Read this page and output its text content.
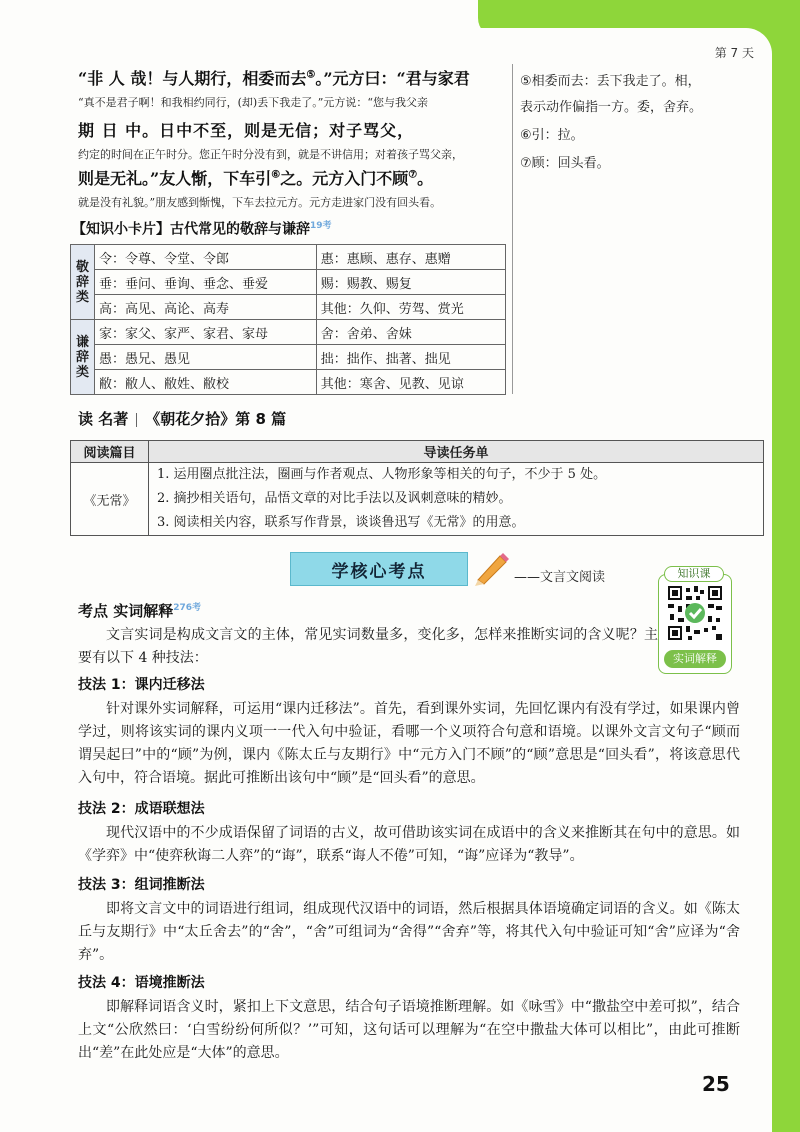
第 7 天
“非 人 哉！与人期行，相委而去⑤。”元方曰：“君与家君
“真不是君子啊！和我相约同行，(却)丢下我走了。”元方说：“您与我父亲
期 日 中。日中不至，则是无信；对子骂父，
约定的时间在正午时分。您正午时分没有到，就是不讲信用；对着孩子骂父亲，
则是无礼。”友人惭，下车引⑥之。元方入门不顾⑦。
就是没有礼貌。”朋友感到惭愧，下车去拉元方。元方走进家门没有回头看。
⑤相委而去：丢下我走了。相，
表示动作偏指一方。委，舍弃。
⑥引：拉。
⑦顾：回头看。
【知识小卡片】古代常见的敬辞与谦辞$^{19考}$
敬
辞
类	令：令尊、令堂、令郎	惠：惠顾、惠存、惠赠
	垂：垂问、垂询、垂念、垂爱	赐：赐教、赐复
	高：高见、高论、高寿	其他：久仰、劳驾、赏光

谦
辞
类	家：家父、家严、家君、家母	舍：舍弟、舍妹
	愚：愚兄、愚见	拙：拙作、拙著、拙见
	敝：敝人、敝姓、敝校	其他：寒舍、见教、见谅
读 名著 《朝花夕拾》第 8 篇
阅读篇目	导读任务单
《无常》	1. 运用圈点批注法，圈画与作者观点、人物形象等相关的句子，不少于 5 处。
2. 摘抄相关语句，品悟文章的对比手法以及讽刺意味的精妙。
3. 阅读相关内容，联系写作背景，谈谈鲁迅写《无常》的用意。
学核心考点	——文言文阅读	知识课
实词解释
考点 实词解释$^{276考}$
文言实词是构成文言文的主体，常见实词数量多，变化多，怎样来推断实词的含义呢？主要有以下 4 种技法：
技法 1：课内迁移法
针对课外实词解释，可运用“课内迁移法”。首先，看到课外实词，先回忆课内有没有学过，如果课内曾学过，则将该实词的课内义项一一代入句中验证，看哪一个义项符合句意和语境。以课外文言文句子“顾而谓吴起曰”中的“顾”为例，课内《陈太丘与友期行》中“元方入门不顾”的“顾”意思是“回头看”，将该意思代入句中，符合语境。据此可推断出该句中“顾”是“回头看”的意思。
技法 2：成语联想法
现代汉语中的不少成语保留了词语的古义，故可借助该实词在成语中的含义来推断其在句中的意思。如《学弈》中“使弈秋诲二人弈”的“诲”，联系“诲人不倦”可知，“诲”应译为“教导”。
技法 3：组词推断法
即将文言文中的词语进行组词，组成现代汉语中的词语，然后根据具体语境确定词语的含义。如《陈太丘与友期行》中“太丘舍去”的“舍”，“舍”可组词为“舍得”“舍弃”等，将其代入句中验证可知“舍”应译为“舍弃”。
技法 4：语境推断法
即解释词语含义时，紧扣上下文意思，结合句子语境推断理解。如《咏雪》中“撒盐空中差可拟”，结合上文“公欣然曰：‘白雪纷纷何所似？’”可知，这句话可以理解为“在空中撒盐大体可以相比”，由此可推断出“差”在此处应是“大体”的意思。
25
